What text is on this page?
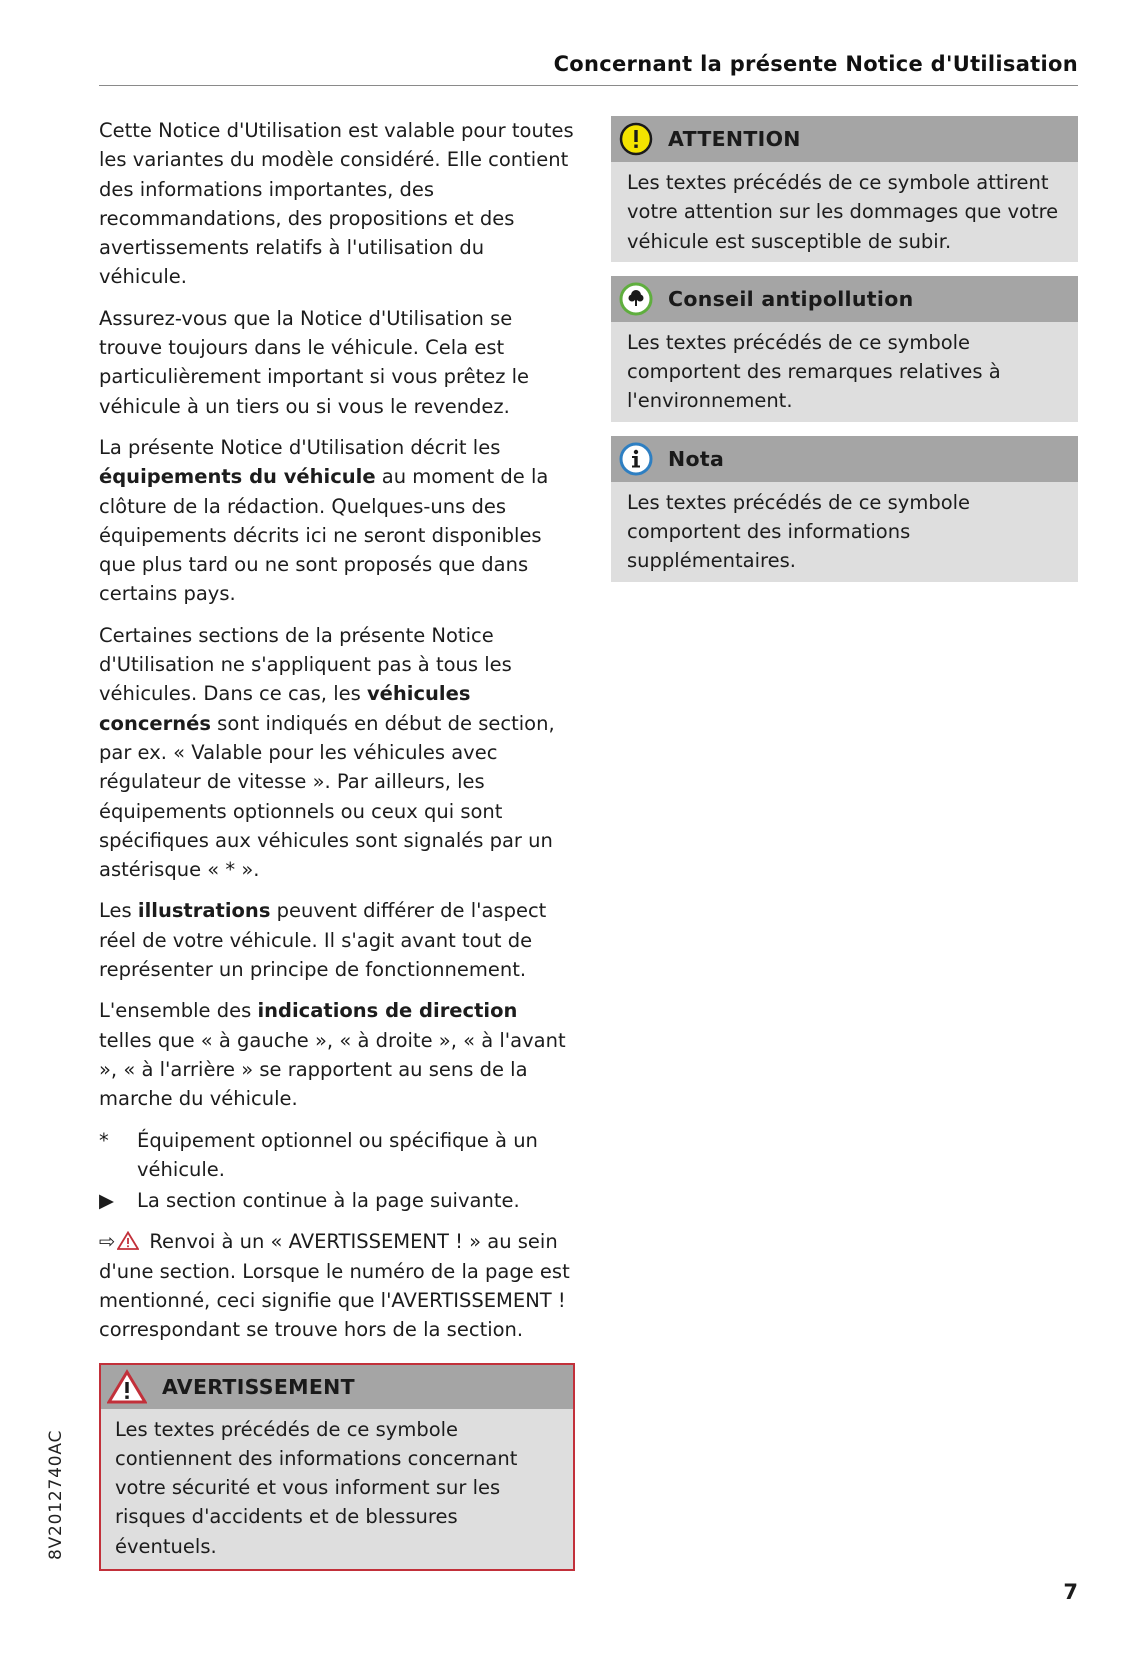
Concernant la présente Notice d'Utilisation

Cette Notice d'Utilisation est valable pour toutes les variantes du modèle considéré. Elle contient des informations importantes, des recommandations, des propositions et des avertissements relatifs à l'utilisation du véhicule.

Assurez-vous que la Notice d'Utilisation se trouve toujours dans le véhicule. Cela est particulièrement important si vous prêtez le véhicule à un tiers ou si vous le revendez.

La présente Notice d'Utilisation décrit les équipements du véhicule au moment de la clôture de la rédaction. Quelques-uns des équipements décrits ici ne seront disponibles que plus tard ou ne sont proposés que dans certains pays.

Certaines sections de la présente Notice d'Utilisation ne s'appliquent pas à tous les véhicules. Dans ce cas, les véhicules concernés sont indiqués en début de section, par ex. « Valable pour les véhicules avec régulateur de vitesse ». Par ailleurs, les équipements optionnels ou ceux qui sont spécifiques aux véhicules sont signalés par un astérisque « * ».

Les illustrations peuvent différer de l'aspect réel de votre véhicule. Il s'agit avant tout de représenter un principe de fonctionnement.

L'ensemble des indications de direction telles que « à gauche », « à droite », « à l'avant », « à l'arrière » se rapportent au sens de la marche du véhicule.

*	Équipement optionnel ou spécifique à un véhicule.
▶	La section continue à la page suivante.

⇨ Renvoi à un « AVERTISSEMENT ! » au sein d'une section. Lorsque le numéro de la page est mentionné, ceci signifie que l'AVERTISSEMENT ! correspondant se trouve hors de la section.

AVERTISSEMENT
Les textes précédés de ce symbole contiennent des informations concernant votre sécurité et vous informent sur les risques d'accidents et de blessures éventuels.
ATTENTION
Les textes précédés de ce symbole attirent votre attention sur les dommages que votre véhicule est susceptible de subir.
Conseil antipollution
Les textes précédés de ce symbole comportent des remarques relatives à l'environnement.
Nota
Les textes précédés de ce symbole comportent des informations supplémentaires.
8V2012740AC
7
